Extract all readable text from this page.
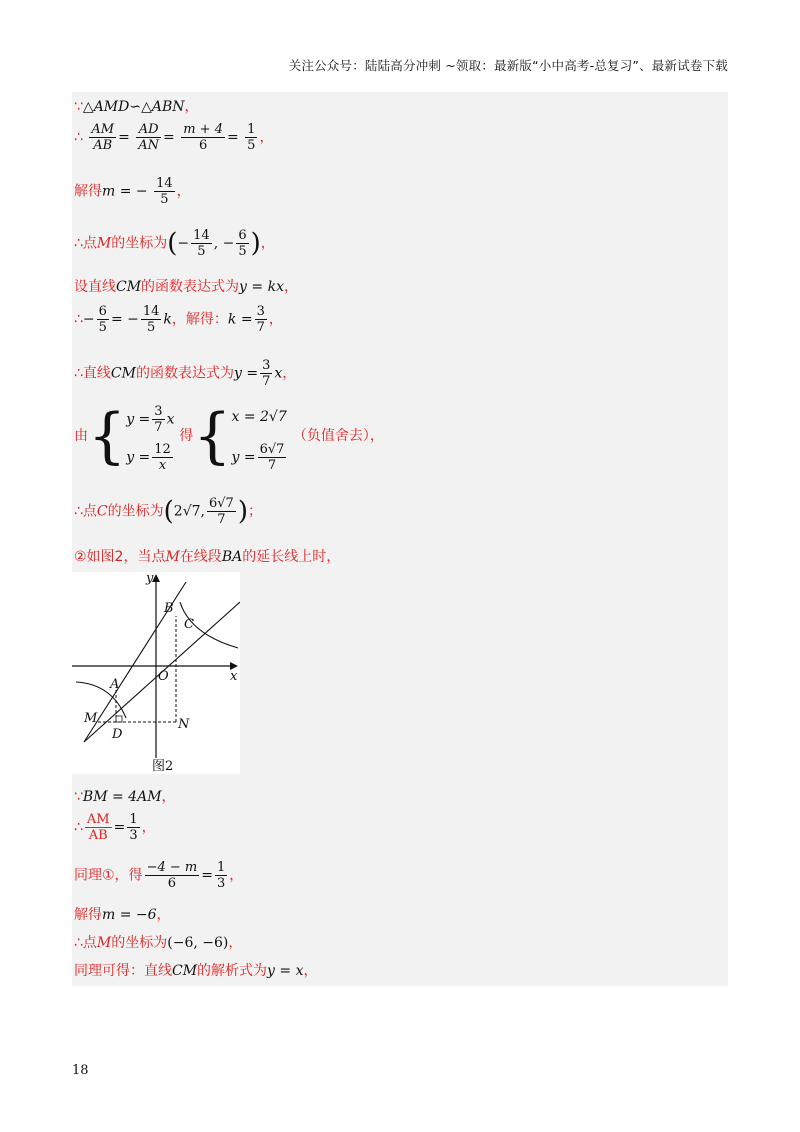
关注公众号：陆陆高分冲刺 ~领取：最新版“小中高考-总复习”、最新试卷下载
∵△AMD∽△ABN，
∴ $\frac{AM}{AB} = \frac{AD}{AN} = \frac{m + 4}{6} = \frac{1}{5}$ ，
解得m = − $\frac{14}{5}$ ，
∴点M的坐标为(− $\frac{14}{5}$ , − $\frac{6}{5}$ )，
设直线CM的函数表达式为y = kx，
∴− $\frac{6}{5}$ = − $\frac{14}{5}$ k，解得：$k = \frac{3}{7}$ ，
∴直线CM的函数表达式为$y = \frac{3}{7}$ x，
由{ $y = \frac{3}{7}$ x
$y = \frac{12}{x}$
得{ x = 2√7
$y = \frac{6√7}{7}$
（负值舍去），
∴点C的坐标为(2√7, $\frac{6√7}{7}$ )；
②如图2，当点M在线段BA的延长线上时，
∵BM = 4AM，
∴ $\frac{AM}{AB} = \frac{1}{3}$ ，
同理①，得 $\frac{-4 - m}{6} = \frac{1}{3}$ ，
解得m = −6，
∴点M的坐标为(−6, −6)，
同理可得：直线CM的解析式为y = x，
y
x
O
A
B
C
M
D
N
图2
18
